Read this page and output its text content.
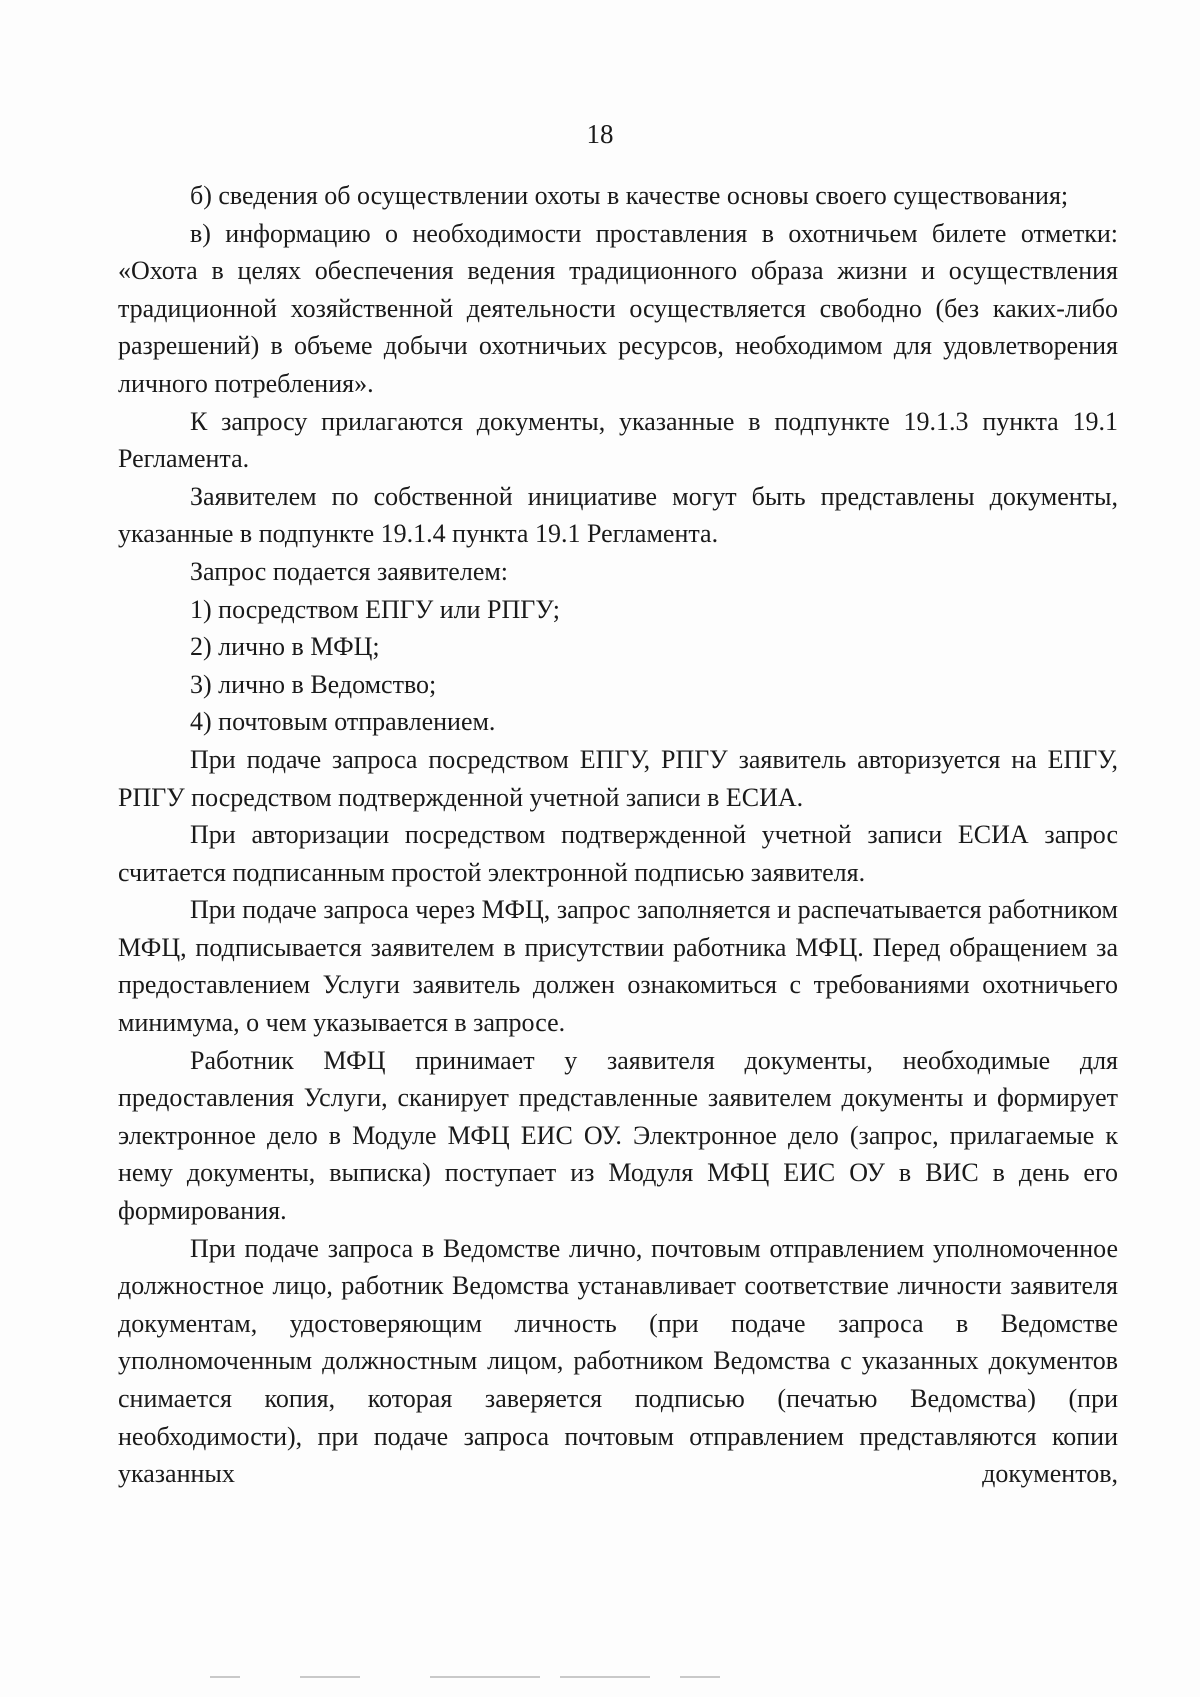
18

б) сведения об осуществлении охоты в качестве основы своего существования;

в) информацию о необходимости проставления в охотничьем билете отметки: «Охота в целях обеспечения ведения традиционного образа жизни и осуществления традиционной хозяйственной деятельности осуществляется свободно (без каких-либо разрешений) в объеме добычи охотничьих ресурсов, необходимом для удовлетворения личного потребления».

К запросу прилагаются документы, указанные в подпункте 19.1.3 пункта 19.1 Регламента.

Заявителем по собственной инициативе могут быть представлены документы, указанные в подпункте 19.1.4 пункта 19.1 Регламента.

Запрос подается заявителем:

1) посредством ЕПГУ или РПГУ;

2) лично в МФЦ;

3) лично в Ведомство;

4) почтовым отправлением.

При подаче запроса посредством ЕПГУ, РПГУ заявитель авторизуется на ЕПГУ, РПГУ посредством подтвержденной учетной записи в ЕСИА.

При авторизации посредством подтвержденной учетной записи ЕСИА запрос считается подписанным простой электронной подписью заявителя.

При подаче запроса через МФЦ, запрос заполняется и распечатывается работником МФЦ, подписывается заявителем в присутствии работника МФЦ. Перед обращением за предоставлением Услуги заявитель должен ознакомиться с требованиями охотничьего минимума, о чем указывается в запросе.

Работник МФЦ принимает у заявителя документы, необходимые для предоставления Услуги, сканирует представленные заявителем документы и формирует электронное дело в Модуле МФЦ ЕИС ОУ. Электронное дело (запрос, прилагаемые к нему документы, выписка) поступает из Модуля МФЦ ЕИС ОУ в ВИС в день его формирования.

При подаче запроса в Ведомстве лично, почтовым отправлением уполномоченное должностное лицо, работник Ведомства устанавливает соответствие личности заявителя документам, удостоверяющим личность (при подаче запроса в Ведомстве уполномоченным должностным лицом, работником Ведомства с указанных документов снимается копия, которая заверяется подписью (печатью Ведомства) (при необходимости), при подаче запроса почтовым отправлением представляются копии указанных документов,
